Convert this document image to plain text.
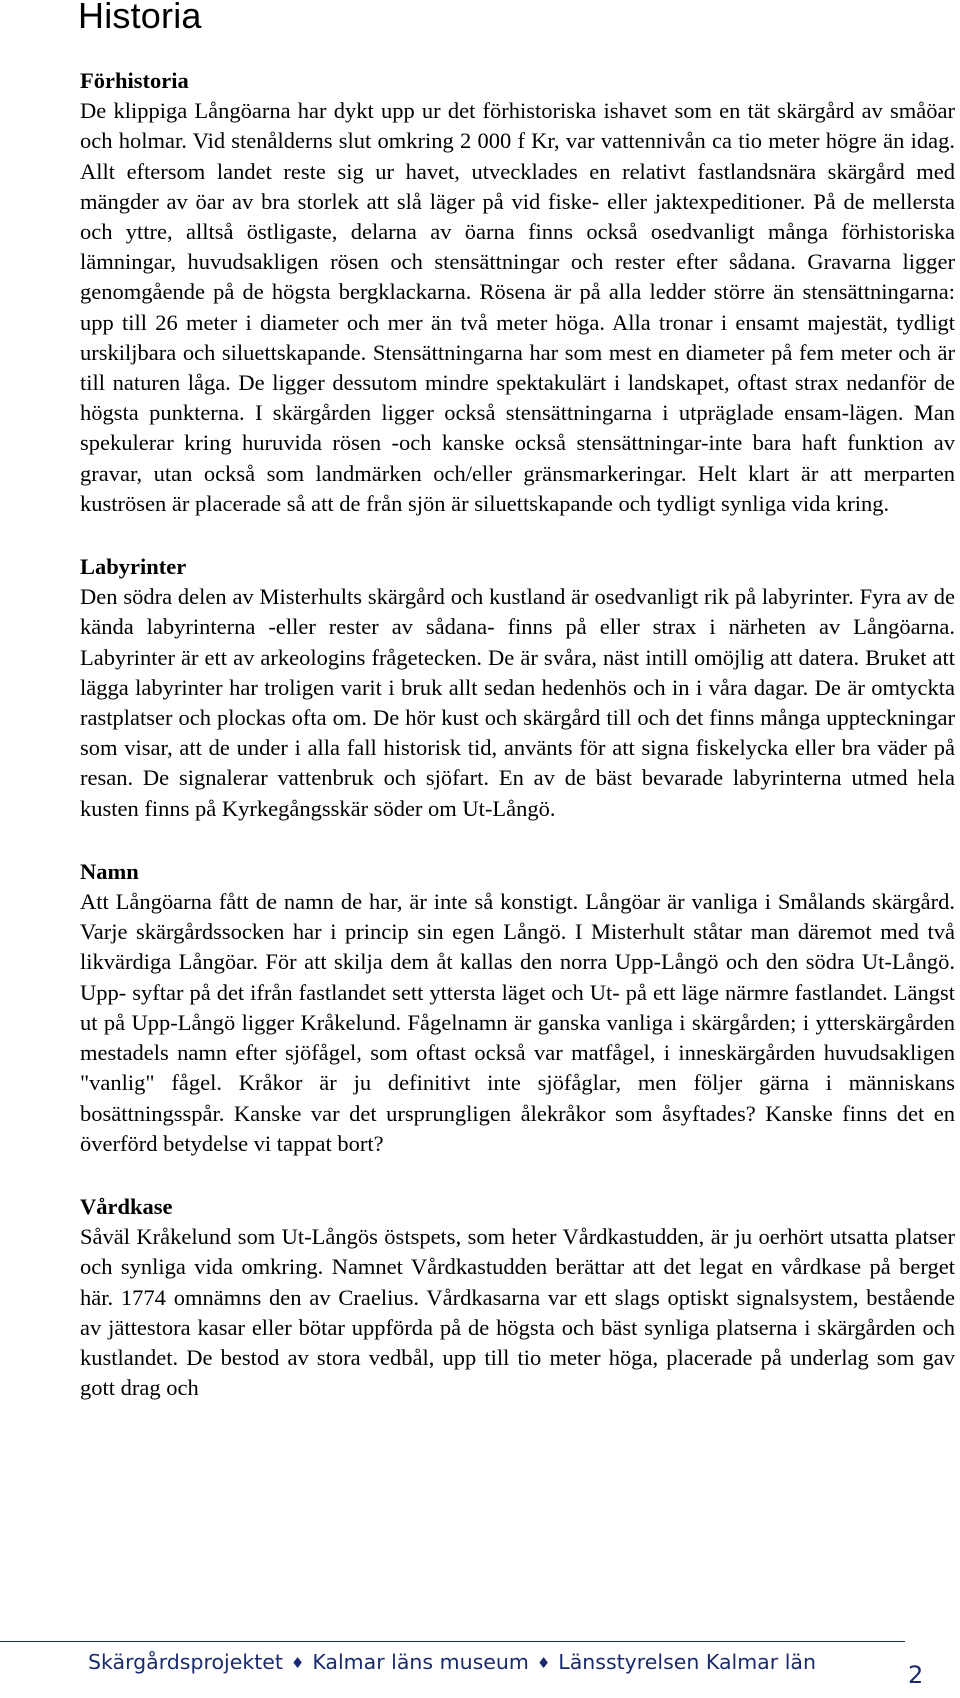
Historia
Förhistoria

De klippiga Långöarna har dykt upp ur det förhistoriska ishavet som en tät skärgård av småöar och holmar. Vid stenålderns slut omkring 2 000 f Kr, var vattennivån ca tio meter högre än idag. Allt eftersom landet reste sig ur havet, utvecklades en relativt fastlandsnära skärgård med mängder av öar av bra storlek att slå läger på vid fiske- eller jaktexpeditioner. På de mellersta och yttre, alltså östligaste, delarna av öarna finns också osedvanligt många förhistoriska lämningar, huvudsakligen rösen och stensättningar och rester efter sådana. Gravarna ligger genomgående på de högsta bergklackarna. Rösena är på alla ledder större än stensättningarna: upp till 26 meter i diameter och mer än två meter höga. Alla tronar i ensamt majestät, tydligt urskiljbara och siluettskapande. Stensättningarna har som mest en diameter på fem meter och är till naturen låga. De ligger dessutom mindre spektakulärt i landskapet, oftast strax nedanför de högsta punkterna. I skärgården ligger också stensättningarna i utpräglade ensam-lägen. Man spekulerar kring huruvida rösen -och kanske också stensättningar-inte bara haft funktion av gravar, utan också som landmärken och/eller gränsmarkeringar. Helt klart är att merparten kuströsen är placerade så att de från sjön är siluettskapande och tydligt synliga vida kring.

Labyrinter

Den södra delen av Misterhults skärgård och kustland är osedvanligt rik på labyrinter. Fyra av de kända labyrinterna -eller rester av sådana- finns på eller strax i närheten av Långöarna. Labyrinter är ett av arkeologins frågetecken. De är svåra, näst intill omöjlig att datera. Bruket att lägga labyrinter har troligen varit i bruk allt sedan hedenhös och in i våra dagar. De är omtyckta rastplatser och plockas ofta om. De hör kust och skärgård till och det finns många uppteckningar som visar, att de under i alla fall historisk tid, använts för att signa fiskelycka eller bra väder på resan. De signalerar vattenbruk och sjöfart. En av de bäst bevarade labyrinterna utmed hela kusten finns på Kyrkegångsskär söder om Ut-Långö.

Namn

Att Långöarna fått de namn de har, är inte så konstigt. Långöar är vanliga i Smålands skärgård. Varje skärgårdssocken har i princip sin egen Långö. I Misterhult ståtar man däremot med två likvärdiga Långöar. För att skilja dem åt kallas den norra Upp-Långö och den södra Ut-Långö. Upp- syftar på det ifrån fastlandet sett yttersta läget och Ut- på ett läge närmre fastlandet. Längst ut på Upp-Långö ligger Kråkelund. Fågelnamn är ganska vanliga i skärgården; i ytterskärgården mestadels namn efter sjöfågel, som oftast också var matfågel, i inneskärgården huvudsakligen "vanlig" fågel. Kråkor är ju definitivt inte sjöfåglar, men följer gärna i människans bosättningsspår. Kanske var det ursprungligen ålekråkor som åsyftades? Kanske finns det en överförd betydelse vi tappat bort?

Vårdkase

Såväl Kråkelund som Ut-Långös östspets, som heter Vårdkastudden, är ju oerhört utsatta platser och synliga vida omkring. Namnet Vårdkastudden berättar att det legat en vårdkase på berget här. 1774 omnämns den av Craelius. Vårdkasarna var ett slags optiskt signalsystem, bestående av jättestora kasar eller bötar uppförda på de högsta och bäst synliga platserna i skärgården och kustlandet. De bestod av stora vedbål, upp till tio meter höga, placerade på underlag som gav gott drag och

Skärgårdsprojektet ♦ Kalmar läns museum ♦ Länsstyrelsen Kalmar län	2
